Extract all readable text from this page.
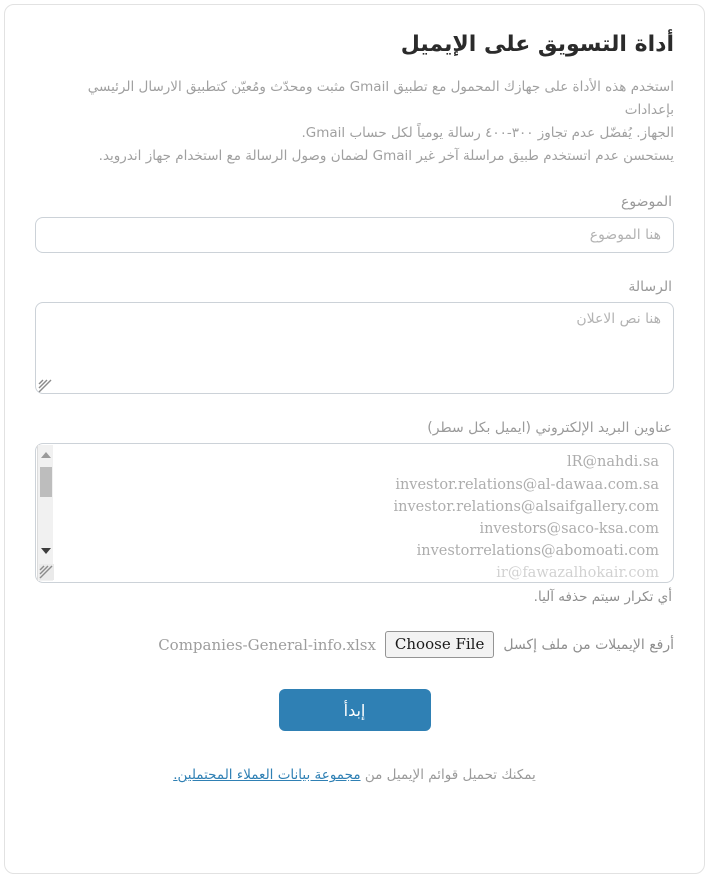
أداة التسويق على الإيميل

استخدم هذه الأداة على جهازك المحمول مع تطبيق Gmail مثبت ومحدّث ومُعيّن كتطبيق الارسال الرئيسي بإعدادات
الجهاز. يُفضّل عدم تجاوز ٣٠٠-٤٠٠ رسالة يومياً لكل حساب Gmail.
يستحسن عدم اتستخدم طبيق مراسلة آخر غير Gmail لضمان وصول الرسالة مع استخدام جهاز اندرويد.

الموضوع
هنا الموضوع
الرسالة
هنا نص الاعلان
عناوين البريد الإلكتروني (ايميل بكل سطر)
lR@nahdi.sa
investor.relations@al-dawaa.com.sa
investor.relations@alsaifgallery.com
investors@saco-ksa.com
investorrelations@abomoati.com
ir@fawazalhokair.com

أي تكرار سيتم حذفه آليا.

أرفع الإيميلات من ملف إكسل
Choose File
Companies-General-info.xlsx
إبدأ
يمكنك تحميل قوائم الإيميل من مجموعة بيانات العملاء المحتملين.
